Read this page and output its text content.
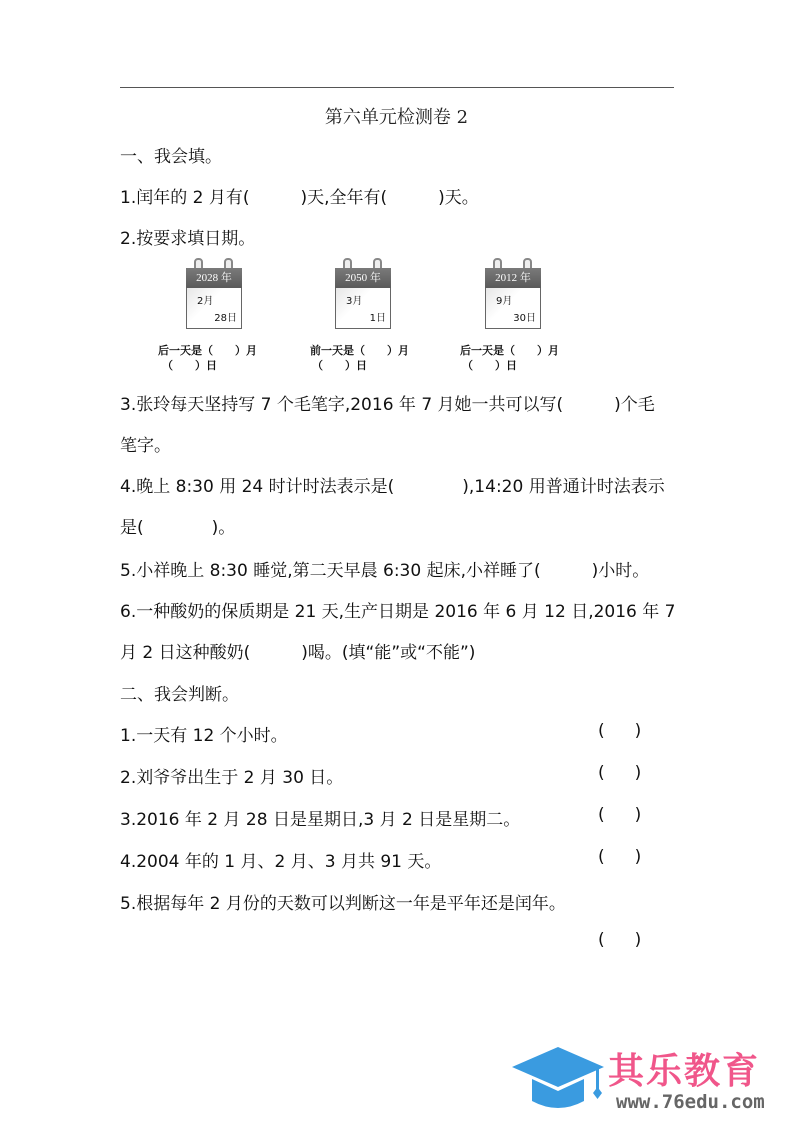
第六单元检测卷 2
一、我会填。
1.闰年的 2 月有(　　　)天,全年有(　　　)天。
2.按要求填日期。
2028 年
2月
28日
后一天是（　　）月
（　　）日
2050 年
3月
1日
前一天是（　　）月
（　　）日
2012 年
9月
30日
后一天是（　　）月
（　　）日
3.张玲每天坚持写 7 个毛笔字,2016 年 7 月她一共可以写(　　　)个毛
笔字。
4.晚上 8:30 用 24 时计时法表示是(　　　　),14:20 用普通计时法表示
是(　　　　)。
5.小祥晚上 8:30 睡觉,第二天早晨 6:30 起床,小祥睡了(　　　)小时。
6.一种酸奶的保质期是 21 天,生产日期是 2016 年 6 月 12 日,2016 年 7
月 2 日这种酸奶(　　　)喝。(填“能”或“不能”)
二、我会判断。
1.一天有 12 个小时。	( )
2.刘爷爷出生于 2 月 30 日。	( )
3.2016 年 2 月 28 日是星期日,3 月 2 日是星期二。	( )
4.2004 年的 1 月、2 月、3 月共 91 天。	( )
5.根据每年 2 月份的天数可以判断这一年是平年还是闰年。
( )
其乐教育
www.76edu.com
